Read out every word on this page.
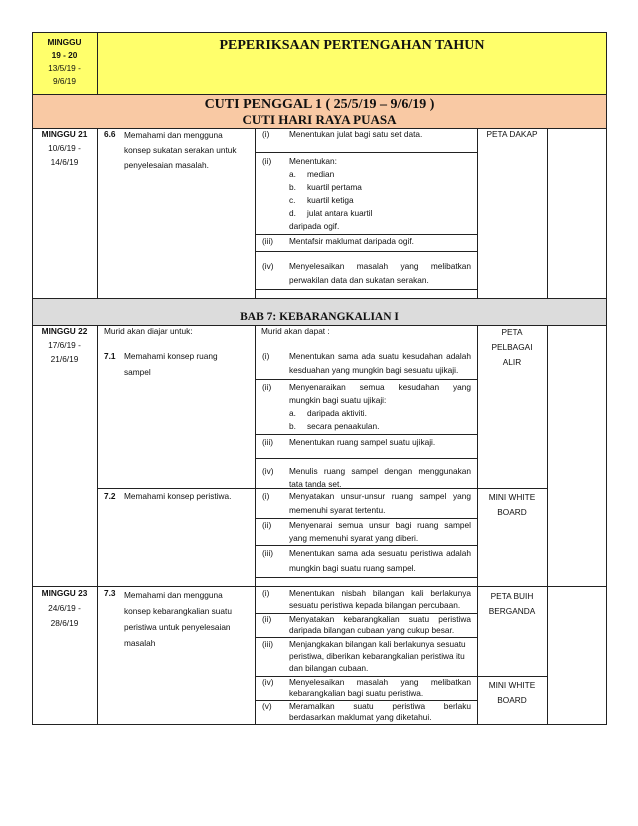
MINGGU
19 - 20
13/5/19 -
9/6/19
PEPERIKSAAN PERTENGAHAN TAHUN
CUTI PENGGAL 1 ( 25/5/19 – 9/6/19 )
CUTI HARI RAYA PUASA
MINGGU 21
10/6/19 -
14/6/19
6.6 Memahami dan mengguna
konsep sukatan serakan untuk
penyelesaian masalah.
PETA DAKAP
(i) Menentukan julat bagi satu set data.
(ii) Menentukan:
a. median
b. kuartil pertama
c. kuartil ketiga
d. julat antara kuartil
daripada ogif.
(iii) Mentafsir maklumat daripada ogif.
(iv) Menyelesaikan masalah yang melibatkan
perwakilan data dan sukatan serakan.
BAB 7: KEBARANGKALIAN I
MINGGU 22
17/6/19 -
21/6/19
Murid akan diajar untuk:	Murid akan dapat :
7.1 Memahami konsep ruang
sampel
PETA
PELBAGAI
ALIR
(i) Menentukan sama ada suatu kesudahan adalah
kesduahan yang mungkin bagi sesuatu ujikaji.
(ii) Menyenaraikan semua kesudahan yang
mungkin bagi suatu ujikaji:
a. daripada aktiviti.
b. secara penaakulan.
(iii) Menentukan ruang sampel suatu ujikaji.
(iv) Menulis ruang sampel dengan menggunakan
tata tanda set.
7.2 Memahami konsep peristiwa.	MINI WHITE
BOARD
(i) Menyatakan unsur-unsur ruang sampel yang
memenuhi syarat tertentu.
(ii) Menyenarai semua unsur bagi ruang sampel
yang memenuhi syarat yang diberi.
(iii) Menentukan sama ada sesuatu peristiwa adalah
mungkin bagi suatu ruang sampel.
MINGGU 23
24/6/19 -
28/6/19
7.3 Memahami dan mengguna
konsep kebarangkalian suatu
peristiwa untuk penyelesaian
masalah
PETA BUIH
BERGANDA
MINI WHITE
BOARD
(i) Menentukan nisbah bilangan kali berlakunya
sesuatu peristiwa kepada bilangan percubaan.
(ii) Menyatakan kebarangkalian suatu peristiwa
daripada bilangan cubaan yang cukup besar.
(iii) Menjangkakan bilangan kali berlakunya sesuatu
peristiwa, diberikan kebarangkalian peristiwa itu
dan bilangan cubaan.
(iv) Menyelesaikan masalah yang melibatkan
kebarangkalian bagi suatu peristiwa.
(v) Meramalkan suatu peristiwa berlaku
berdasarkan maklumat yang diketahui.
